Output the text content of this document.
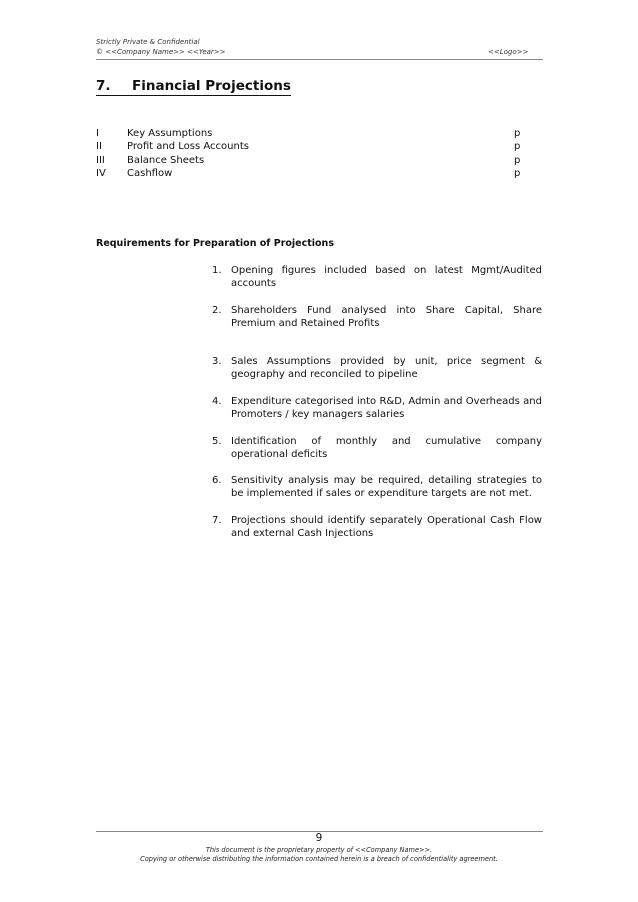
Strictly Private & Confidential
© <<Company Name>> <<Year>>	<<Logo>>
7. Financial Projections
I	Key Assumptions	p
II	Profit and Loss Accounts	p
III Balance Sheets	p
IV Cashflow	p
Requirements for Preparation of Projections
1. Opening figures included based on latest Mgmt/Audited accounts
2. Shareholders Fund analysed into Share Capital, Share Premium and Retained Profits
3. Sales Assumptions provided by unit, price segment & geography and reconciled to pipeline
4. Expenditure categorised into R&D, Admin and Overheads and Promoters / key managers salaries
5. Identification of monthly and cumulative company operational deficits
6. Sensitivity analysis may be required, detailing strategies to be implemented if sales or expenditure targets are not met.
7. Projections should identify separately Operational Cash Flow and external Cash Injections
9
This document is the proprietary property of <<Company Name>>.
Copying or otherwise distributing the information contained herein is a breach of confidentiality agreement.
